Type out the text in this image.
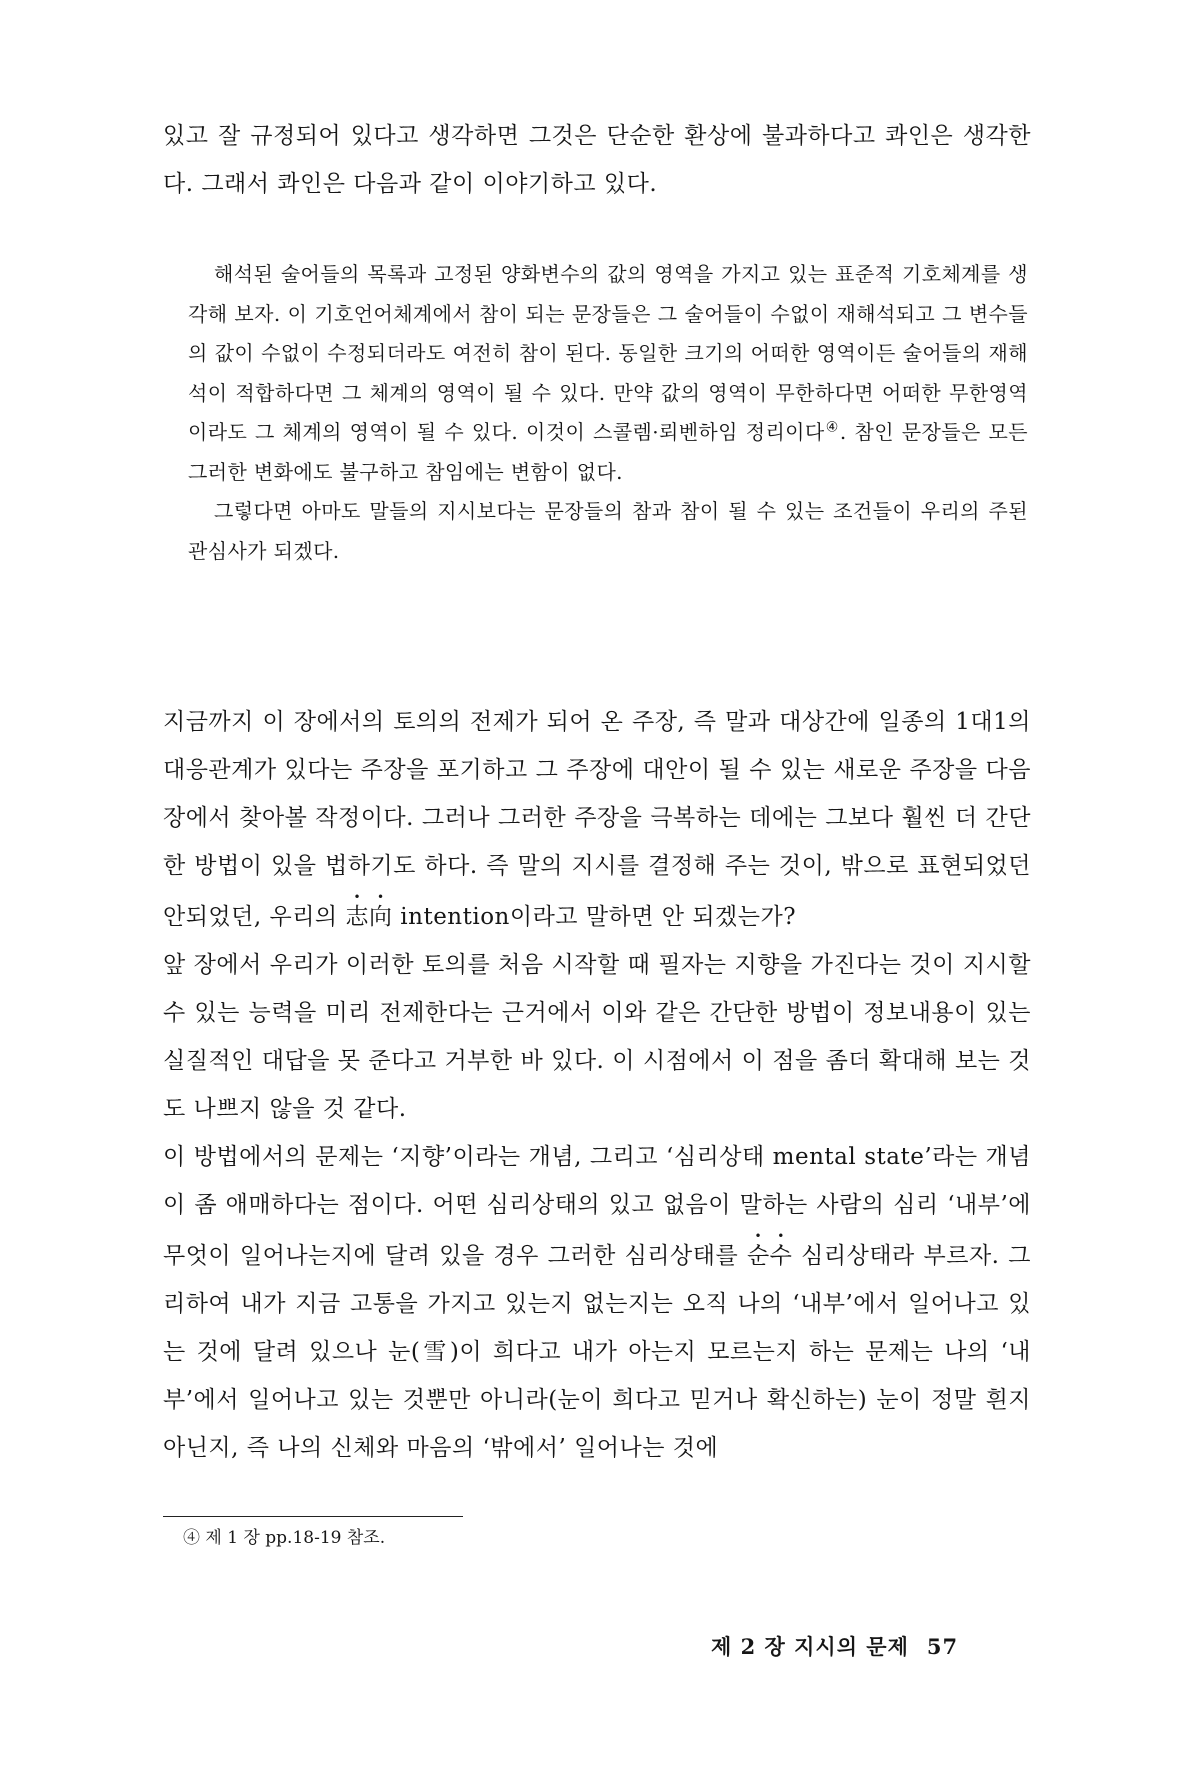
있고 잘 규정되어 있다고 생각하면 그것은 단순한 환상에 불과하다고 콰인은 생각한다. 그래서 콰인은 다음과 같이 이야기하고 있다.

해석된 술어들의 목록과 고정된 양화변수의 값의 영역을 가지고 있는 표준적 기호체계를 생각해 보자. 이 기호언어체계에서 참이 되는 문장들은 그 술어들이 수없이 재해석되고 그 변수들의 값이 수없이 수정되더라도 여전히 참이 된다. 동일한 크기의 어떠한 영역이든 술어들의 재해석이 적합하다면 그 체계의 영역이 될 수 있다. 만약 값의 영역이 무한하다면 어떠한 무한영역이라도 그 체계의 영역이 될 수 있다. 이것이 스콜렘·뢰벤하임 정리이다④. 참인 문장들은 모든 그러한 변화에도 불구하고 참임에는 변함이 없다.

그렇다면 아마도 말들의 지시보다는 문장들의 참과 참이 될 수 있는 조건들이 우리의 주된 관심사가 되겠다.

지금까지 이 장에서의 토의의 전제가 되어 온 주장, 즉 말과 대상간에 일종의 1대1의 대응관계가 있다는 주장을 포기하고 그 주장에 대안이 될 수 있는 새로운 주장을 다음 장에서 찾아볼 작정이다. 그러나 그러한 주장을 극복하는 데에는 그보다 훨씬 더 간단한 방법이 있을 법하기도 하다. 즉 말의 지시를 결정해 주는 것이, 밖으로 표현되었던 안되었던, 우리의 志向 intention이라고 말하면 안 되겠는가?

앞 장에서 우리가 이러한 토의를 처음 시작할 때 필자는 지향을 가진다는 것이 지시할 수 있는 능력을 미리 전제한다는 근거에서 이와 같은 간단한 방법이 정보내용이 있는 실질적인 대답을 못 준다고 거부한 바 있다. 이 시점에서 이 점을 좀더 확대해 보는 것도 나쁘지 않을 것 같다.

이 방법에서의 문제는 ‘지향’이라는 개념, 그리고 ‘심리상태 mental state’라는 개념이 좀 애매하다는 점이다. 어떤 심리상태의 있고 없음이 말하는 사람의 심리 ‘내부’에 무엇이 일어나는지에 달려 있을 경우 그러한 심리상태를 순수 심리상태라 부르자. 그리하여 내가 지금 고통을 가지고 있는지 없는지는 오직 나의 ‘내부’에서 일어나고 있는 것에 달려 있으나 눈(雪)이 희다고 내가 아는지 모르는지 하는 문제는 나의 ‘내부’에서 일어나고 있는 것뿐만 아니라(눈이 희다고 믿거나 확신하는) 눈이 정말 흰지 아닌지, 즉 나의 신체와 마음의 ‘밖에서’ 일어나는 것에

④ 제 1 장 pp.18-19 참조.

제 2 장 지시의 문제 57
